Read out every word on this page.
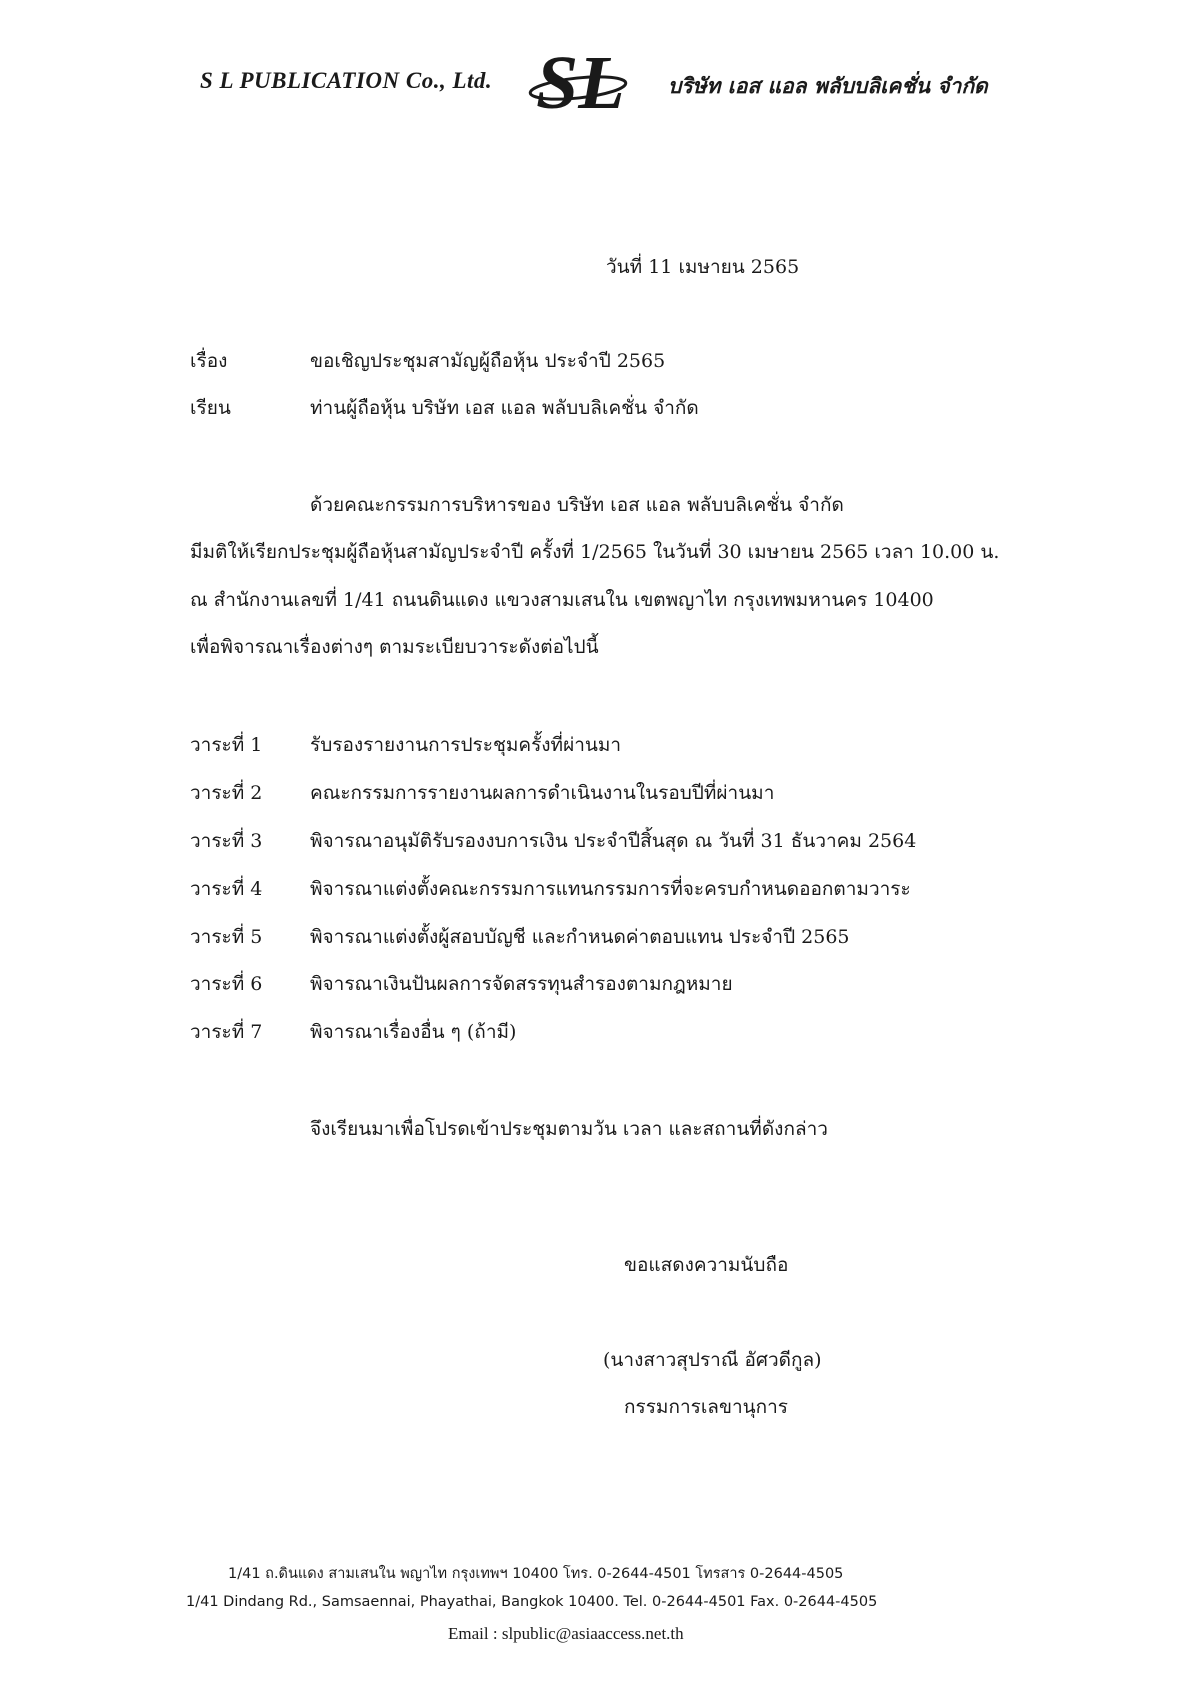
S L PUBLICATION Co., Ltd. SL บริษัท เอส แอล พลับบลิเคชั่น จำกัด
วันที่ 11 เมษายน 2565
เรื่อง	ขอเชิญประชุมสามัญผู้ถือหุ้น ประจำปี 2565
เรียน	ท่านผู้ถือหุ้น บริษัท เอส แอล พลับบลิเคชั่น จำกัด
ด้วยคณะกรรมการบริหารของ บริษัท เอส แอล พลับบลิเคชั่น จำกัด
มีมติให้เรียกประชุมผู้ถือหุ้นสามัญประจำปี ครั้งที่ 1/2565 ในวันที่ 30 เมษายน 2565 เวลา 10.00 น.
ณ สำนักงานเลขที่ 1/41 ถนนดินแดง แขวงสามเสนใน เขตพญาไท กรุงเทพมหานคร 10400
เพื่อพิจารณาเรื่องต่างๆ ตามระเบียบวาระดังต่อไปนี้
วาระที่ 1	รับรองรายงานการประชุมครั้งที่ผ่านมา
วาระที่ 2	คณะกรรมการรายงานผลการดำเนินงานในรอบปีที่ผ่านมา
วาระที่ 3	พิจารณาอนุมัติรับรองงบการเงิน ประจำปีสิ้นสุด ณ วันที่ 31 ธันวาคม 2564
วาระที่ 4	พิจารณาแต่งตั้งคณะกรรมการแทนกรรมการที่จะครบกำหนดออกตามวาระ
วาระที่ 5	พิจารณาแต่งตั้งผู้สอบบัญชี และกำหนดค่าตอบแทน ประจำปี 2565
วาระที่ 6	พิจารณาเงินปันผลการจัดสรรทุนสำรองตามกฎหมาย
วาระที่ 7	พิจารณาเรื่องอื่น ๆ (ถ้ามี)
จึงเรียนมาเพื่อโปรดเข้าประชุมตามวัน เวลา และสถานที่ดังกล่าว
ขอแสดงความนับถือ
(นางสาวสุปราณี อัศวดีกูล)
กรรมการเลขานุการ
1/41 ถ.ดินแดง สามเสนใน พญาไท กรุงเทพฯ 10400 โทร. 0-2644-4501 โทรสาร 0-2644-4505
1/41 Dindang Rd., Samsaennai, Phayathai, Bangkok 10400. Tel. 0-2644-4501 Fax. 0-2644-4505
Email : slpublic@asiaaccess.net.th
